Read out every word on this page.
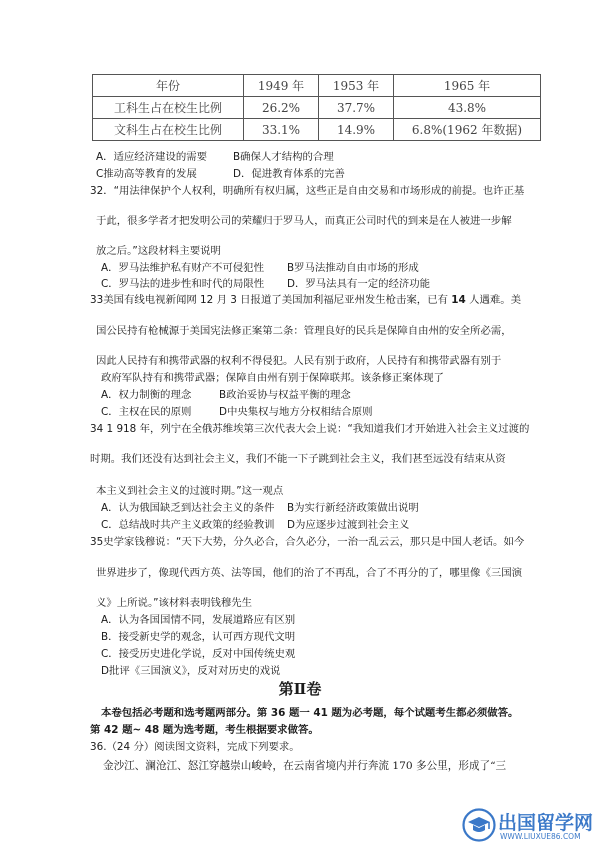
年份	1949 年	1953 年	1965 年
工科生占在校生比例	26.2%	37.7%	43.8%
文科生占在校生比例	33.1%	14.9%	6.8%(1962 年数据)
A．适应经济建设的需要 B确保人才结构的合理
C推动高等教育的发展	D．促进教育体系的完善
32．“用法律保护个人权利，明确所有权归属，这些正是自由交易和市场形成的前提。也许正基
于此，很多学者才把发明公司的荣耀归于罗马人，而真正公司时代的到来是在人被进一步解
放之后。”这段材料主要说明
A．罗马法维护私有财产不可侵犯性 B罗马法推动自由市场的形成
C．罗马法的进步性和时代的局限性 D．罗马法具有一定的经济功能
33美国有线电视新闻网 12 月 3 日报道了美国加利福尼亚州发生枪击案，已有 14 人遇难。美
国公民持有枪械源于美国宪法修正案第二条：管理良好的民兵是保障自由州的安全所必需，
因此人民持有和携带武器的权利不得侵犯。人民有别于政府，人民持有和携带武器有别于
政府军队持有和携带武器；保障自由州有别于保障联邦。该条修正案体现了
A．权力制衡的理念	B政治妥协与权益平衡的理念
C．主权在民的原则	D中央集权与地方分权相结合原则
34 1 918 年，列宁在全俄苏维埃第三次代表大会上说：“我知道我们才开始进入社会主义过渡的
时期。我们还没有达到社会主义，我们不能一下子跳到社会主义，我们甚至远没有结束从资
本主义到社会主义的过渡时期。”这一观点
A．认为俄国缺乏到达社会主义的条件 B为实行新经济政策做出说明
C．总结战时共产主义政策的经验教训 D为应逐步过渡到社会主义
35史学家钱穆说：“天下大势，分久必合，合久必分，一治一乱云云，那只是中国人老话。如今
世界进步了，像现代西方英、法等国，他们的治了不再乱，合了不再分的了，哪里像《三国演
义》上所说。”该材料表明钱穆先生
A．认为各国国情不同，发展道路应有区别
B．接受新史学的观念，认可西方现代文明
C．接受历史进化学说，反对中国传统史观
D批评《三国演义》，反对对历史的戏说
第Ⅱ卷
本卷包括必考题和选考题两部分。第 36 题一 41 题为必考题，每个试题考生都必须做答。
第 42 题~ 48 题为选考题，考生根据要求做答。
36.（24 分）阅读图文资料，完成下列要求。
金沙江、澜沧江、怒江穿越崇山峻岭，在云南省境内并行奔流 170 多公里，形成了“三
出国留学网
WWW.LIUXUE86.COM
